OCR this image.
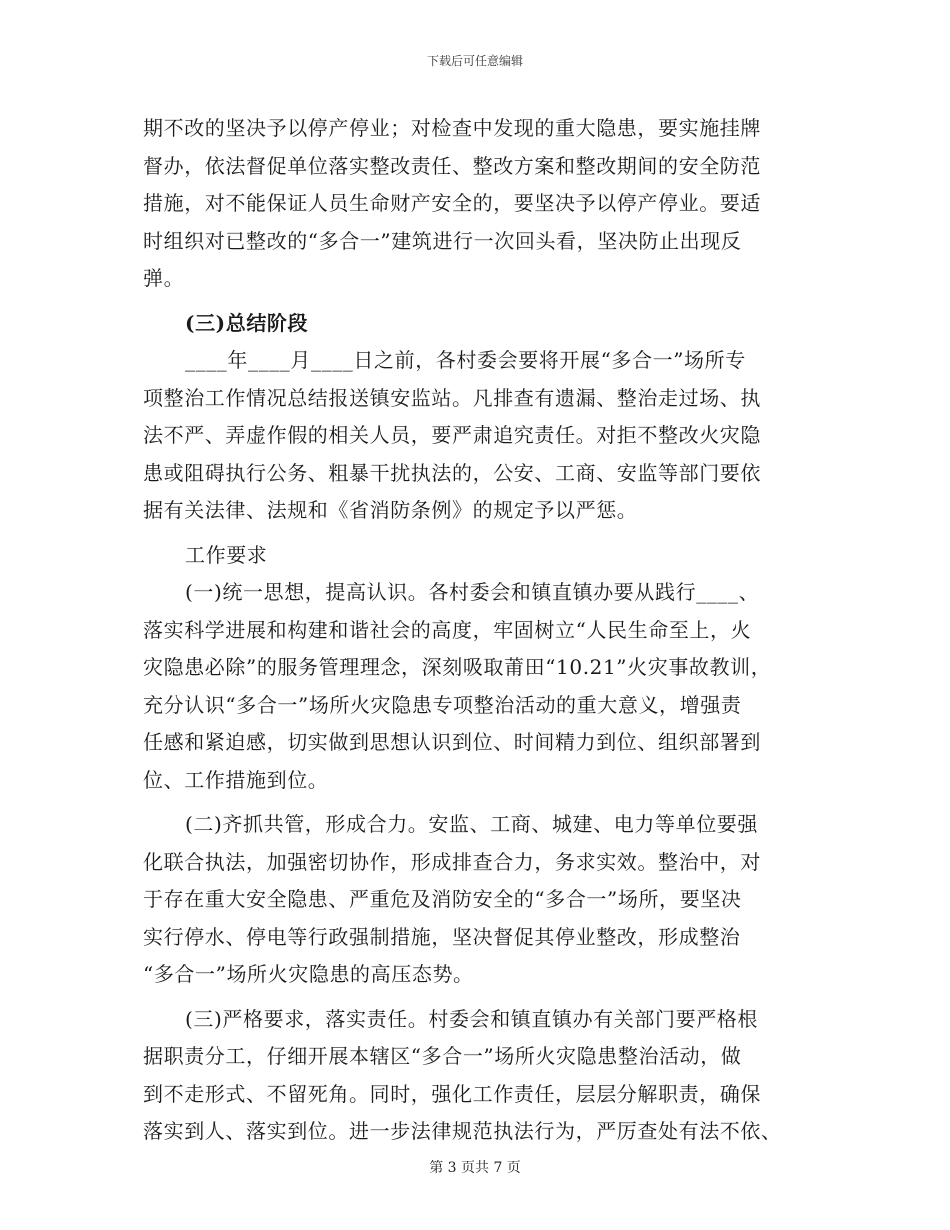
下载后可任意编辑
期不改的坚决予以停产停业；对检查中发现的重大隐患，要实施挂牌
督办，依法督促单位落实整改责任、整改方案和整改期间的安全防范
措施，对不能保证人员生命财产安全的，要坚决予以停产停业。要适
时组织对已整改的“多合一”建筑进行一次回头看，坚决防止出现反
弹。
(三)总结阶段
____年____月____日之前，各村委会要将开展“多合一”场所专
项整治工作情况总结报送镇安监站。凡排查有遗漏、整治走过场、执
法不严、弄虚作假的相关人员，要严肃追究责任。对拒不整改火灾隐
患或阻碍执行公务、粗暴干扰执法的，公安、工商、安监等部门要依
据有关法律、法规和《省消防条例》的规定予以严惩。
工作要求
(一)统一思想，提高认识。各村委会和镇直镇办要从践行____、
落实科学进展和构建和谐社会的高度，牢固树立“人民生命至上，火
灾隐患必除”的服务管理理念，深刻吸取莆田“10.21”火灾事故教训，
充分认识“多合一”场所火灾隐患专项整治活动的重大意义，增强责
任感和紧迫感，切实做到思想认识到位、时间精力到位、组织部署到
位、工作措施到位。
(二)齐抓共管，形成合力。安监、工商、城建、电力等单位要强
化联合执法，加强密切协作，形成排查合力，务求实效。整治中，对
于存在重大安全隐患、严重危及消防安全的“多合一”场所，要坚决
实行停水、停电等行政强制措施，坚决督促其停业整改，形成整治
“多合一”场所火灾隐患的高压态势。
(三)严格要求，落实责任。村委会和镇直镇办有关部门要严格根
据职责分工，仔细开展本辖区“多合一”场所火灾隐患整治活动，做
到不走形式、不留死角。同时，强化工作责任，层层分解职责，确保
落实到人、落实到位。进一步法律规范执法行为，严厉查处有法不依、
第 3 页共 7 页
